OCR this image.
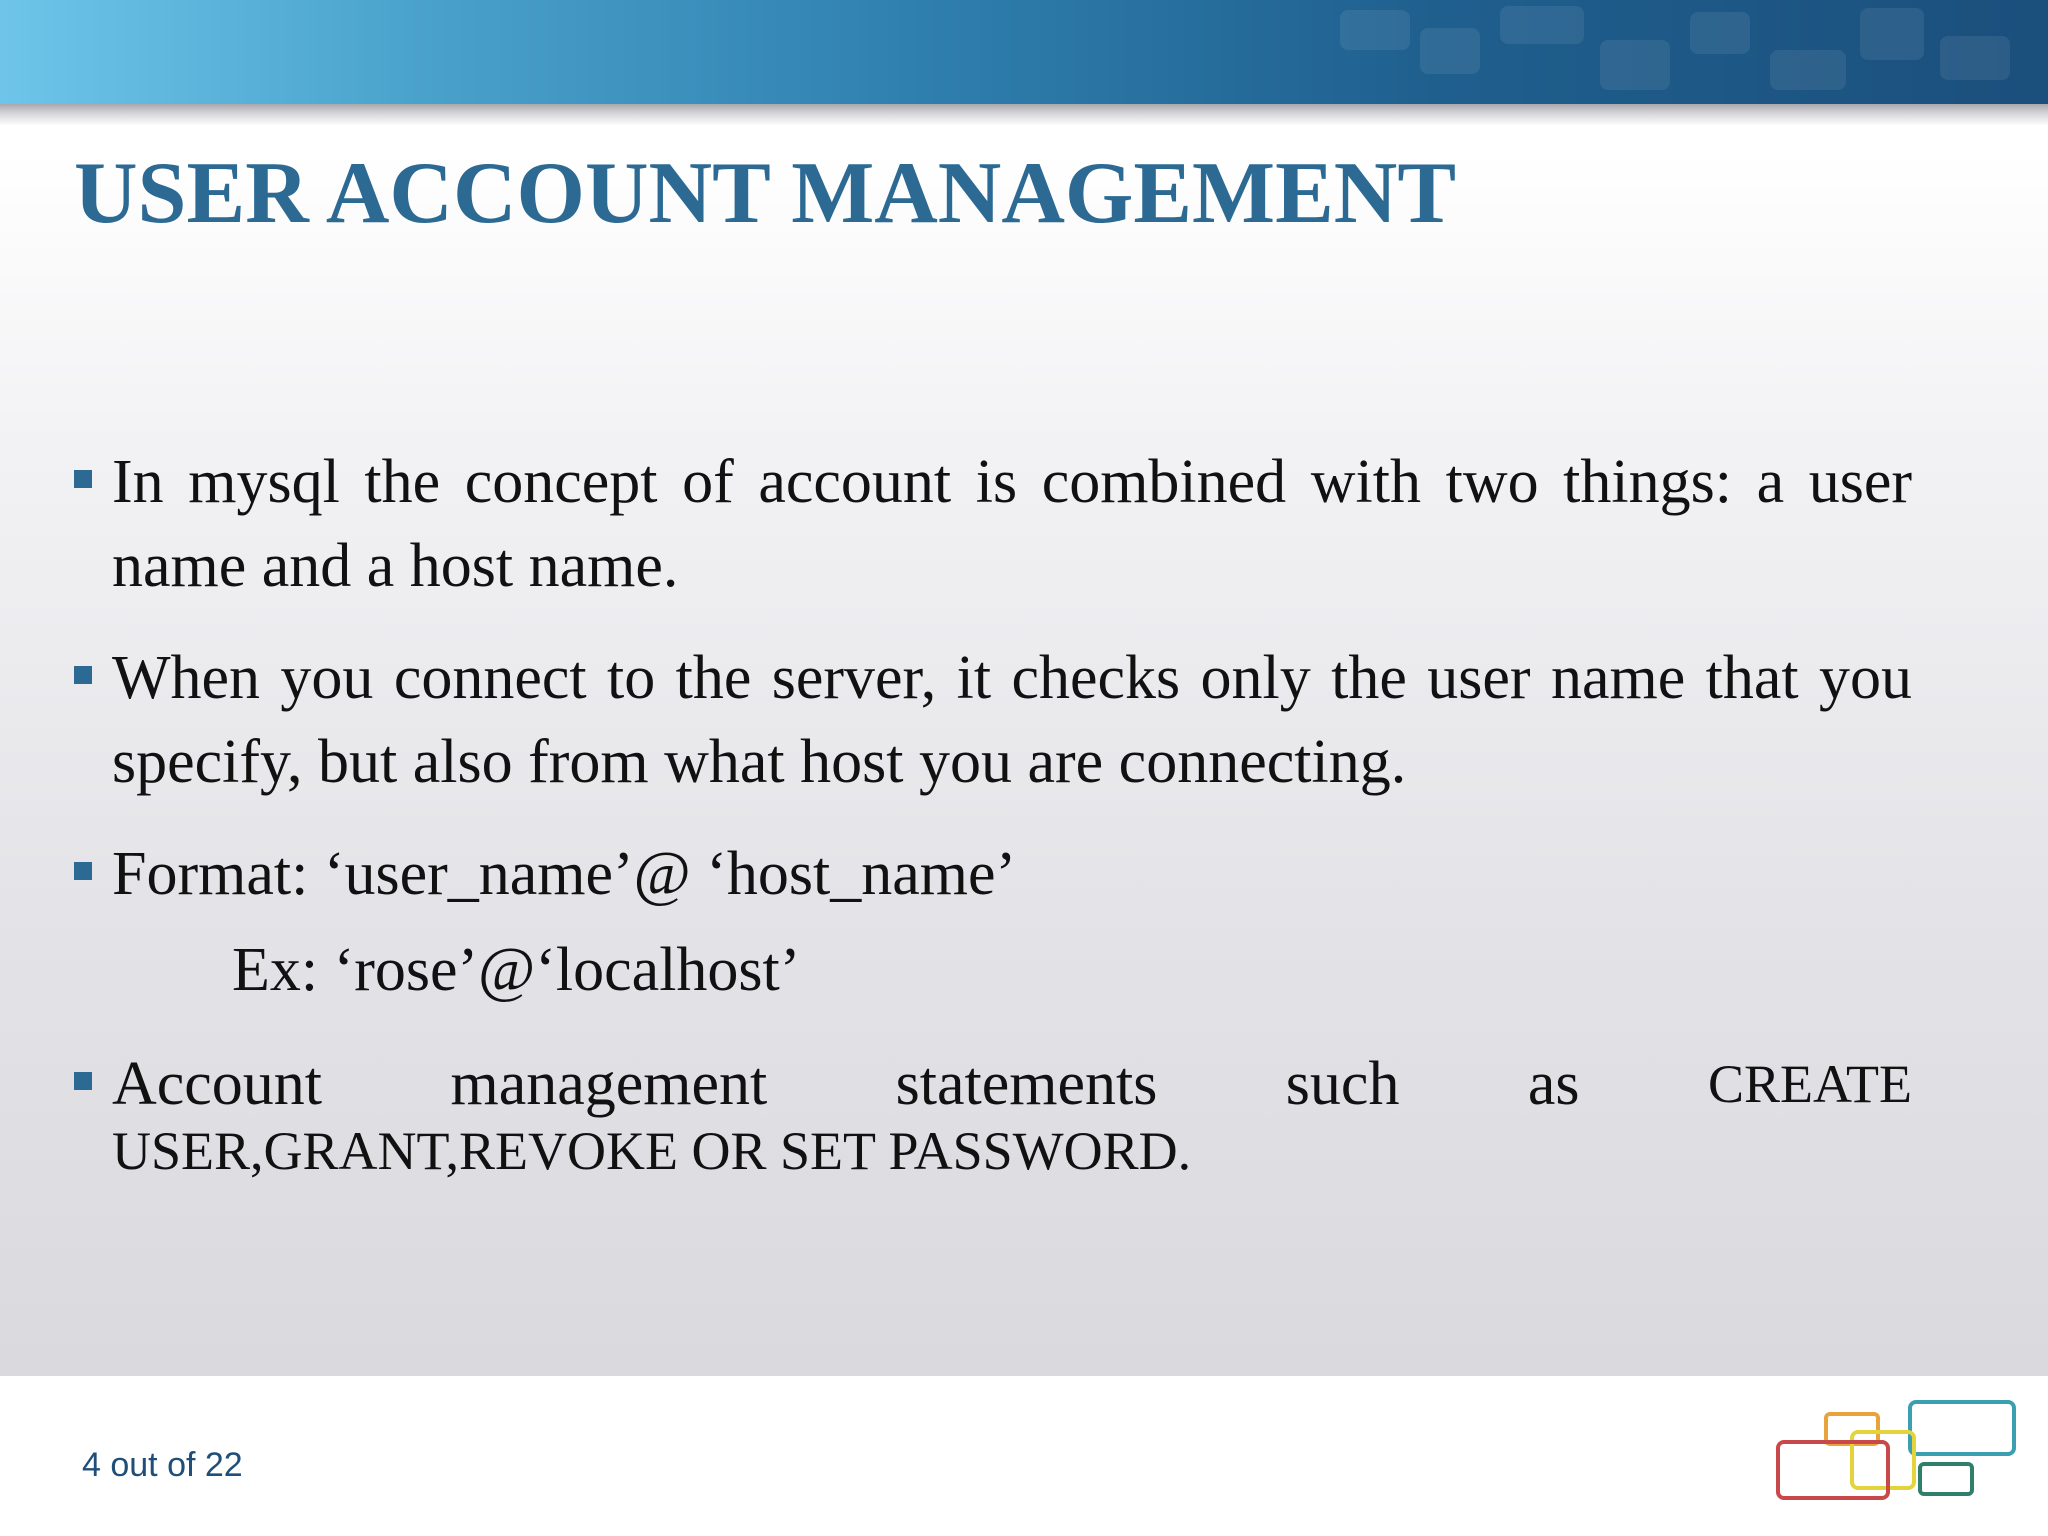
USER ACCOUNT MANAGEMENT
In mysql the concept of account is combined with two things: a user name and a host name.
When you connect to the server, it checks only the user name that you specify, but also from what host you are connecting.
Format: ‘user_name’@ ‘host_name’
Ex: ‘rose’@‘localhost’
Account management statements such as CREATE
USER,GRANT,REVOKE OR SET PASSWORD.
4 out of 22
